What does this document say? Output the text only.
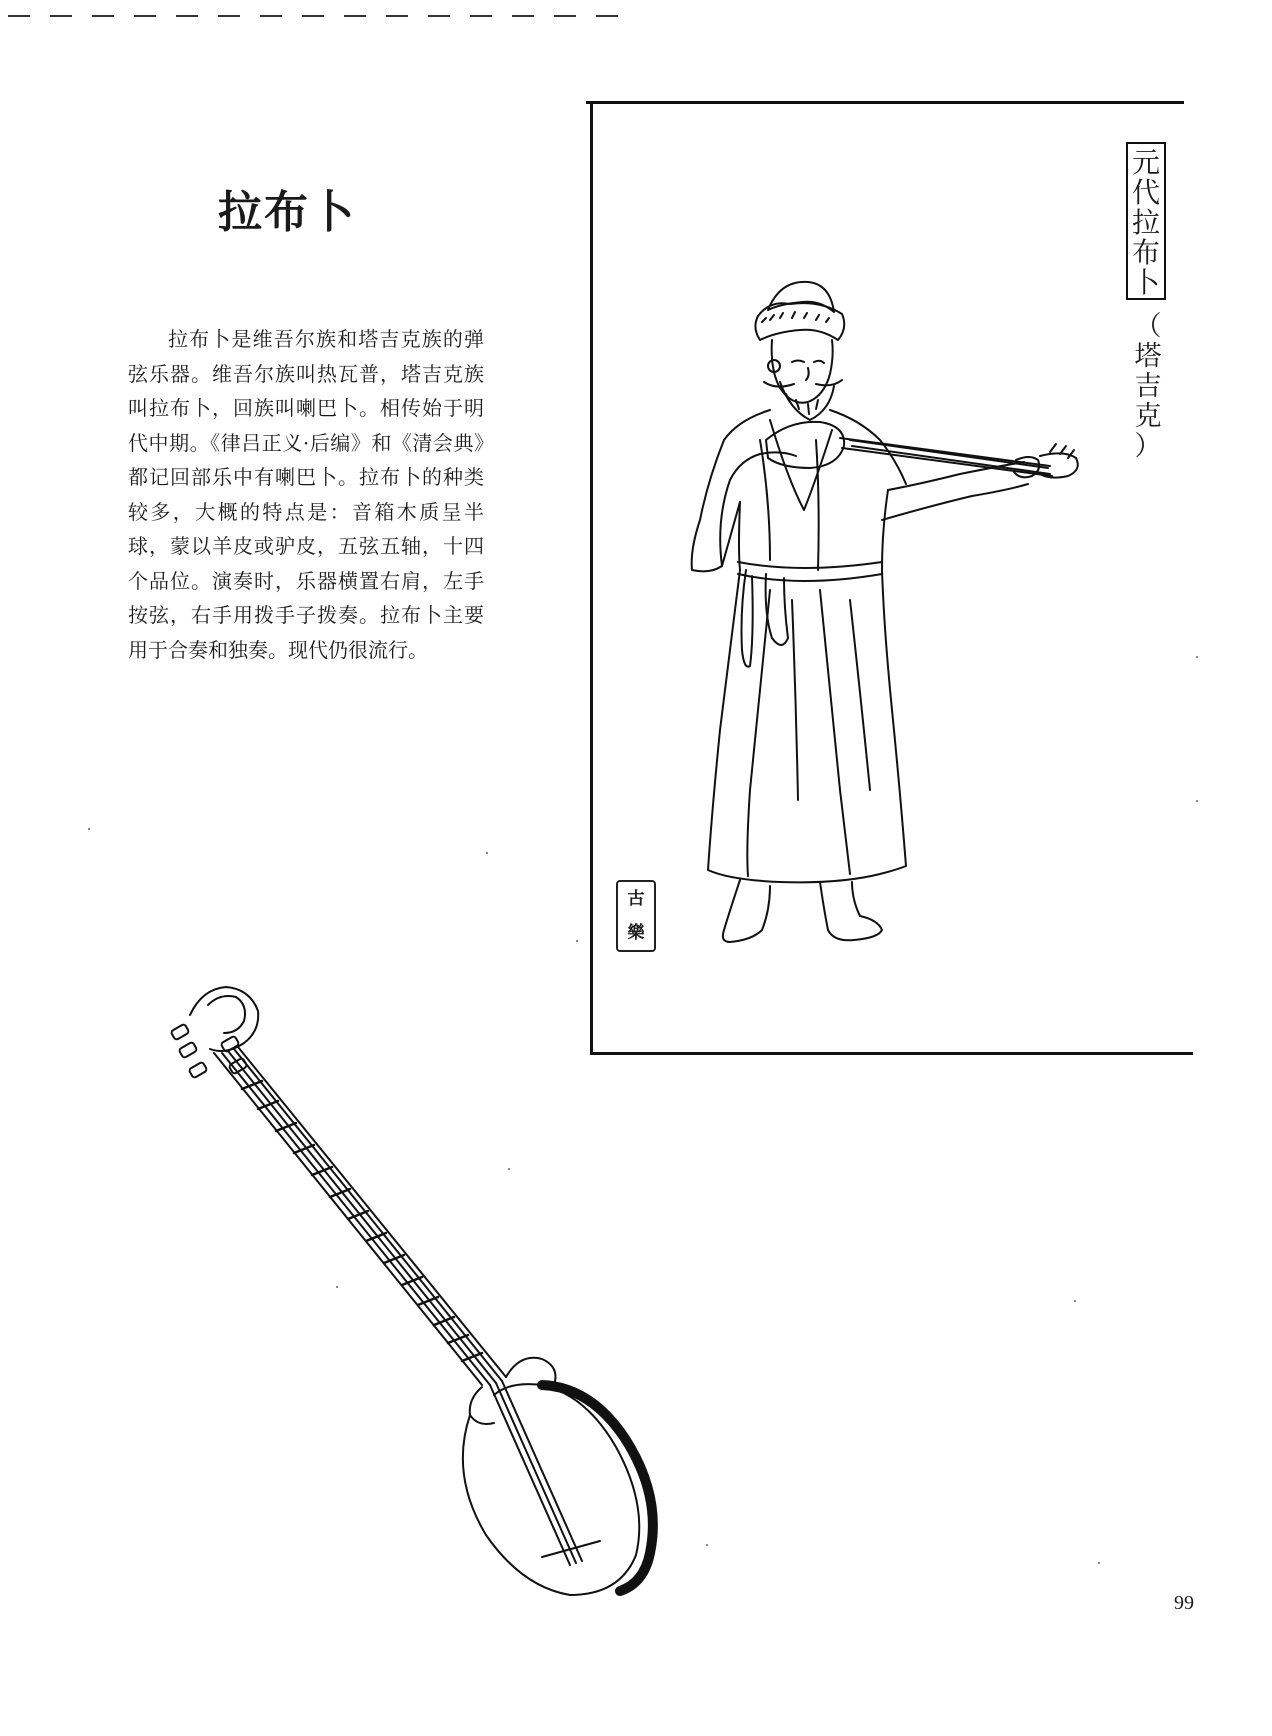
拉布卜
拉布卜是维吾尔族和塔吉克族的弹弦乐器。维吾尔族叫热瓦普，塔吉克族叫拉布卜，回族叫喇巴卜。相传始于明代中期。《律吕正义·后编》和《清会典》都记回部乐中有喇巴卜。拉布卜的种类较多，大概的特点是：音箱木质呈半球，蒙以羊皮或驴皮，五弦五轴，十四个品位。演奏时，乐器横置右肩，左手按弦，右手用拨手子拨奏。拉布卜主要用于合奏和独奏。现代仍很流行。
元
代
拉
布
卜
（
塔
吉
克
）
古
樂
99
